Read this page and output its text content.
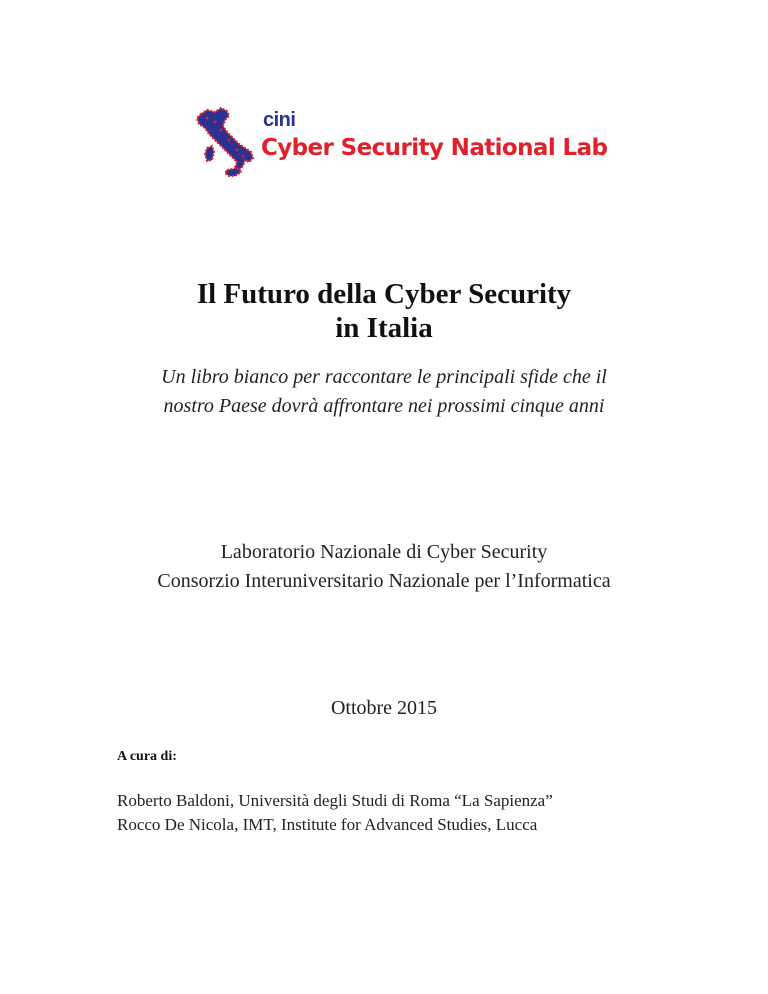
cini
Cyber Security National Lab
Il Futuro della Cyber Security
in Italia
Un libro bianco per raccontare le principali sfide che il
nostro Paese dovrà affrontare nei prossimi cinque anni
Laboratorio Nazionale di Cyber Security
Consorzio Interuniversitario Nazionale per l’Informatica
Ottobre 2015
A cura di:
Roberto Baldoni, Università degli Studi di Roma “La Sapienza”
Rocco De Nicola, IMT, Institute for Advanced Studies, Lucca
